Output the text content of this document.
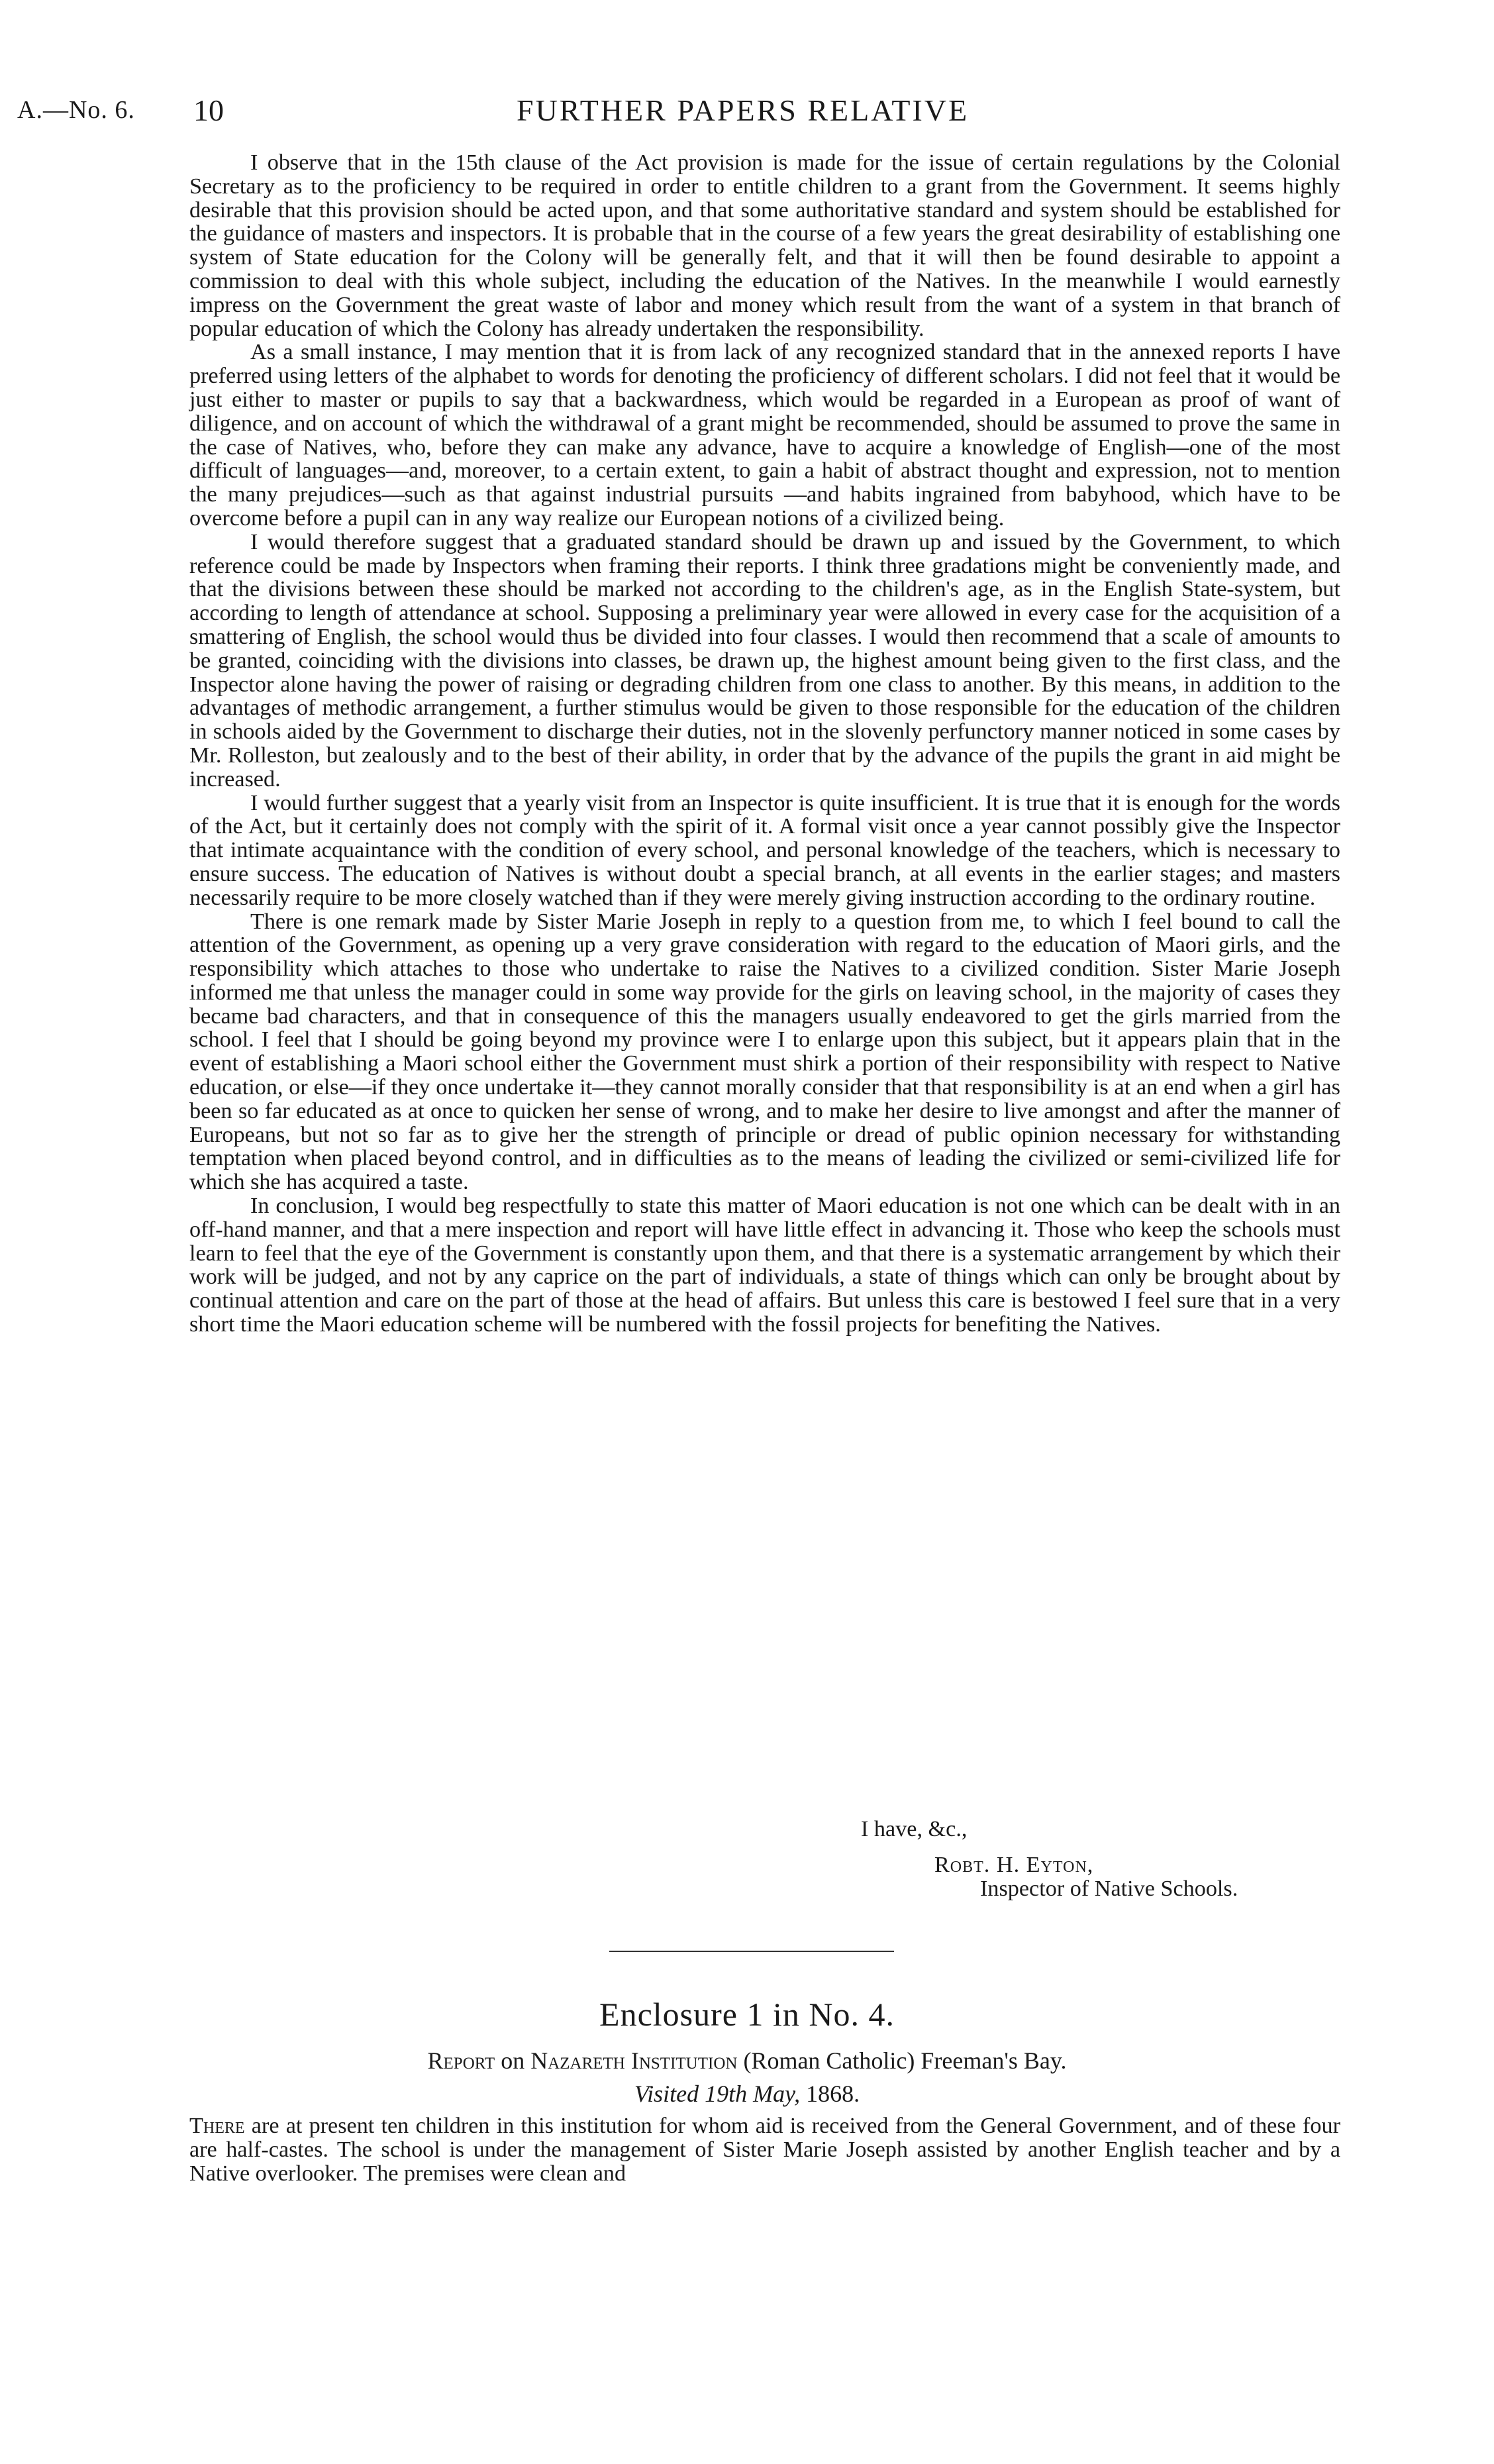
A.—No. 6. 10	FURTHER PAPERS RELATIVE

I observe that in the 15th clause of the Act provision is made for the issue of certain regulations by the Colonial Secretary as to the proficiency to be required in order to entitle children to a grant from the Government. It seems highly desirable that this provision should be acted upon, and that some authoritative standard and system should be established for the guidance of masters and inspectors. It is probable that in the course of a few years the great desirability of establishing one system of State education for the Colony will be generally felt, and that it will then be found desirable to appoint a commission to deal with this whole subject, including the education of the Natives. In the meanwhile I would earnestly impress on the Government the great waste of labor and money which result from the want of a system in that branch of popular education of which the Colony has already undertaken the responsibility.

As a small instance, I may mention that it is from lack of any recognized standard that in the annexed reports I have preferred using letters of the alphabet to words for denoting the proficiency of different scholars. I did not feel that it would be just either to master or pupils to say that a backwardness, which would be regarded in a European as proof of want of diligence, and on account of which the withdrawal of a grant might be recommended, should be assumed to prove the same in the case of Natives, who, before they can make any advance, have to acquire a knowledge of English—one of the most difficult of languages—and, moreover, to a certain extent, to gain a habit of abstract thought and expression, not to mention the many prejudices—such as that against industrial pursuits —and habits ingrained from babyhood, which have to be overcome before a pupil can in any way realize our European notions of a civilized being.

I would therefore suggest that a graduated standard should be drawn up and issued by the Government, to which reference could be made by Inspectors when framing their reports. I think three gradations might be conveniently made, and that the divisions between these should be marked not according to the children's age, as in the English State-system, but according to length of attendance at school. Supposing a preliminary year were allowed in every case for the acquisition of a smattering of English, the school would thus be divided into four classes. I would then recommend that a scale of amounts to be granted, coinciding with the divisions into classes, be drawn up, the highest amount being given to the first class, and the Inspector alone having the power of raising or degrading children from one class to another. By this means, in addition to the advantages of methodic arrangement, a further stimulus would be given to those responsible for the education of the children in schools aided by the Government to discharge their duties, not in the slovenly perfunctory manner noticed in some cases by Mr. Rolleston, but zealously and to the best of their ability, in order that by the advance of the pupils the grant in aid might be increased.

I would further suggest that a yearly visit from an Inspector is quite insufficient. It is true that it is enough for the words of the Act, but it certainly does not comply with the spirit of it. A formal visit once a year cannot possibly give the Inspector that intimate acquaintance with the condition of every school, and personal knowledge of the teachers, which is necessary to ensure success. The education of Natives is without doubt a special branch, at all events in the earlier stages; and masters necessarily require to be more closely watched than if they were merely giving instruction according to the ordinary routine.

There is one remark made by Sister Marie Joseph in reply to a question from me, to which I feel bound to call the attention of the Government, as opening up a very grave consideration with regard to the education of Maori girls, and the responsibility which attaches to those who undertake to raise the Natives to a civilized condition. Sister Marie Joseph informed me that unless the manager could in some way provide for the girls on leaving school, in the majority of cases they became bad characters, and that in consequence of this the managers usually endeavored to get the girls married from the school. I feel that I should be going beyond my province were I to enlarge upon this subject, but it appears plain that in the event of establishing a Maori school either the Government must shirk a portion of their responsibility with respect to Native education, or else—if they once undertake it—they cannot morally consider that that responsibility is at an end when a girl has been so far educated as at once to quicken her sense of wrong, and to make her desire to live amongst and after the manner of Europeans, but not so far as to give her the strength of principle or dread of public opinion necessary for withstanding temptation when placed beyond control, and in difficulties as to the means of leading the civilized or semi-civilized life for which she has acquired a taste.

In conclusion, I would beg respectfully to state this matter of Maori education is not one which can be dealt with in an off-hand manner, and that a mere inspection and report will have little effect in advancing it. Those who keep the schools must learn to feel that the eye of the Government is constantly upon them, and that there is a systematic arrangement by which their work will be judged, and not by any caprice on the part of individuals, a state of things which can only be brought about by continual attention and care on the part of those at the head of affairs. But unless this care is bestowed I feel sure that in a very short time the Maori education scheme will be numbered with the fossil projects for benefiting the Natives.

I have, &c.,
Robt. H. Eyton,
Inspector of Native Schools.
Enclosure 1 in No. 4.
Report on Nazareth Institution (Roman Catholic) Freeman's Bay.
Visited 19th May, 1868.

There are at present ten children in this institution for whom aid is received from the General Government, and of these four are half-castes. The school is under the management of Sister Marie Joseph assisted by another English teacher and by a Native overlooker. The premises were clean and
